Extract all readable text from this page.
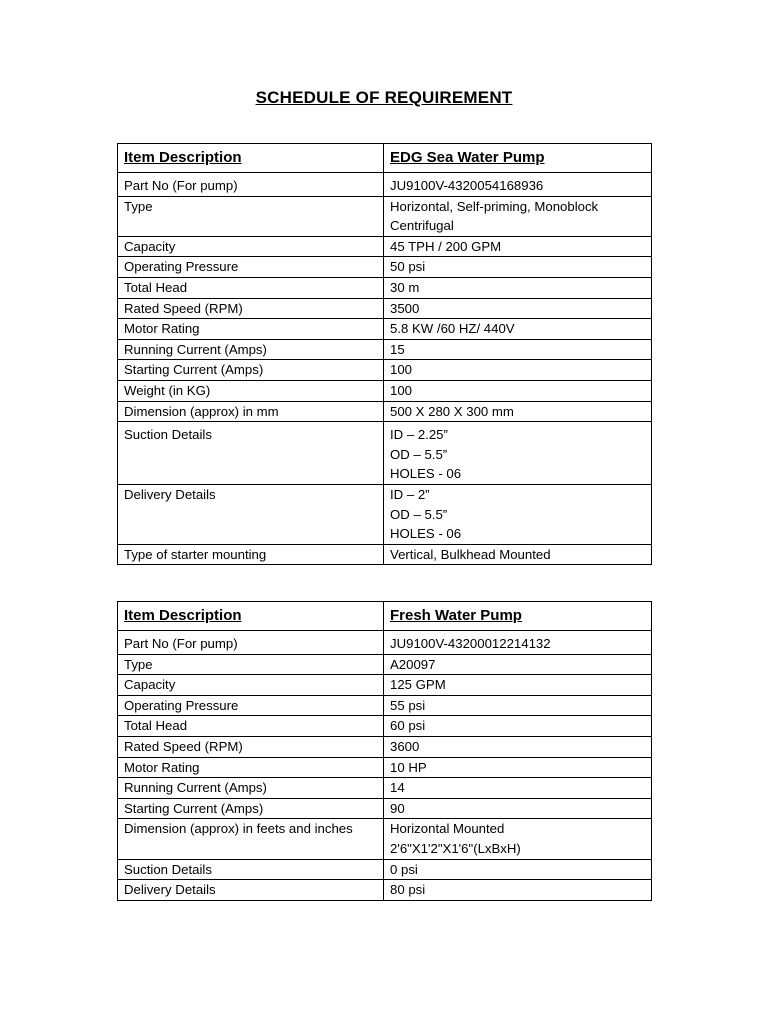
SCHEDULE OF REQUIREMENT
Item Description	EDG Sea Water Pump
Part No (For pump)	JU9100V-4320054168936

Type	Horizontal, Self-priming, Monoblock
Centrifugal

Capacity	45 TPH / 200 GPM

Operating Pressure	50 psi

Total Head	30 m

Rated Speed (RPM)	3500

Motor Rating	5.8 KW /60 HZ/ 440V

Running Current (Amps)	15

Starting Current (Amps)	100

Weight (in KG)	100

Dimension (approx) in mm	500 X 280 X 300 mm

Suction Details	ID – 2.25”
OD – 5.5”
HOLES - 06

Delivery Details	ID – 2”
OD – 5.5”
HOLES - 06

Type of starter mounting	Vertical, Bulkhead Mounted
Item Description	Fresh Water Pump
Part No (For pump)	JU9100V-43200012214132

Type	A20097

Capacity	125 GPM

Operating Pressure	55 psi

Total Head	60 psi

Rated Speed (RPM)	3600

Motor Rating	10 HP

Running Current (Amps)	14

Starting Current (Amps)	90

Dimension (approx) in feets and inches	Horizontal Mounted
2'6"X1'2"X1'6"(LxBxH)

Suction Details	0 psi

Delivery Details	80 psi
